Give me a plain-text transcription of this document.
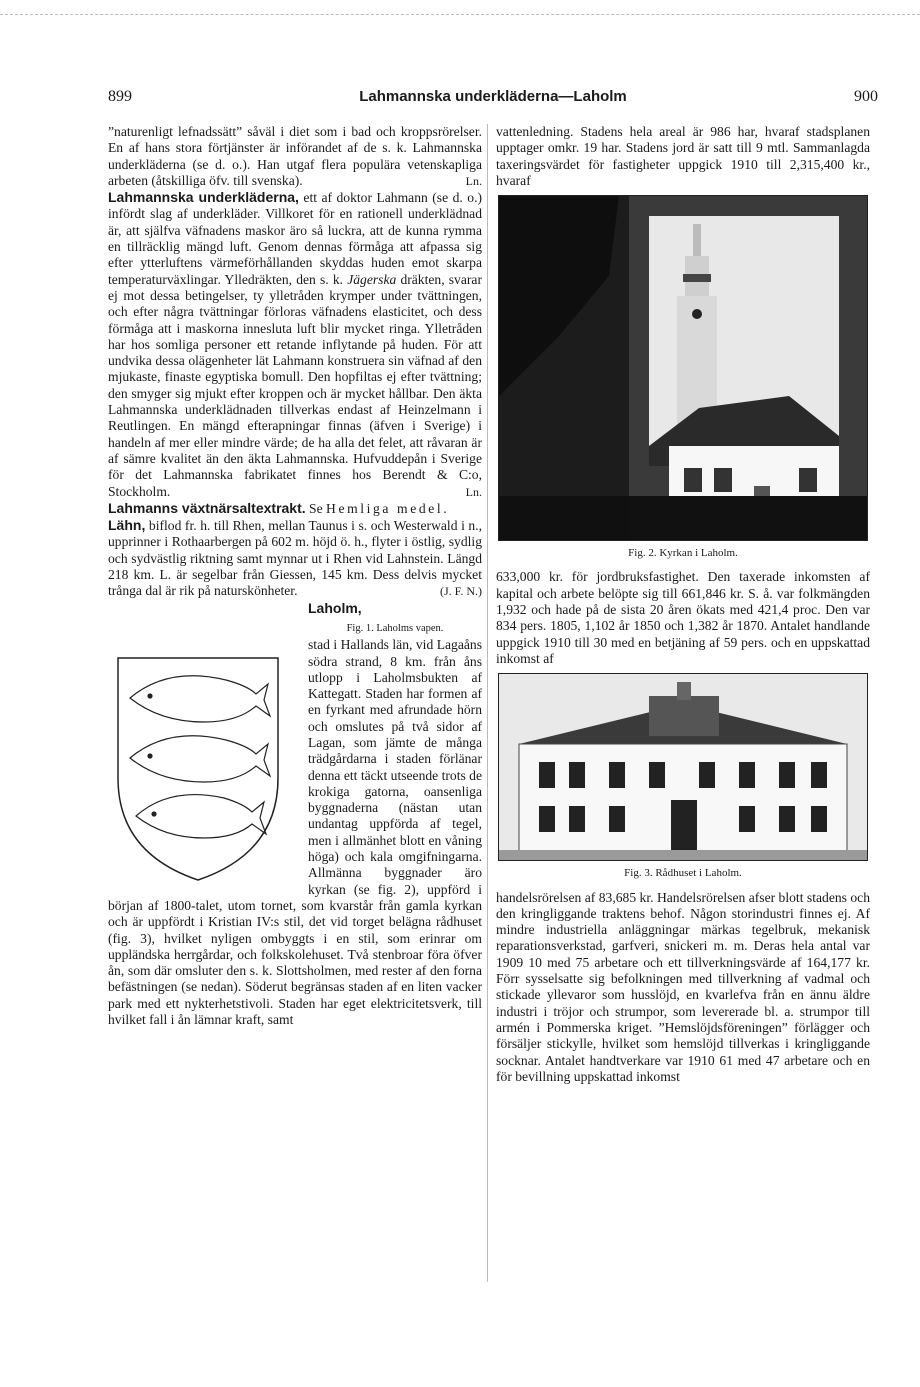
899	Lahmannska underkläderna—Laholm	900

”naturenligt lefnadssätt” såväl i diet som i bad och kroppsrörelser. En af hans stora förtjänster är införandet af de s. k. Lahmannska underkläderna (se d. o.). Han utgaf flera populära vetenskapliga arbeten (åtskilliga öfv. till svenska).	Ln.

Lahmannska underkläderna, ett af doktor Lahmann (se d. o.) infördt slag af underkläder. Villkoret för en rationell underklädnad är, att själfva väfnadens maskor äro så luckra, att de kunna rymma en tillräcklig mängd luft. Genom dennas förmåga att afpassa sig efter ytterluftens värmeförhållanden skyddas huden emot skarpa temperaturväxlingar. Ylledräkten, den s. k. Jägerska dräkten, svarar ej mot dessa betingelser, ty ylletråden krymper under tvättningen, och efter några tvättningar förloras väfnadens elasticitet, och dess förmåga att i maskorna innesluta luft blir mycket ringa. Ylletråden har hos somliga personer ett retande inflytande på huden. För att undvika dessa olägenheter lät Lahmann konstruera sin väfnad af den mjukaste, finaste egyptiska bomull. Den hopfiltas ej efter tvättning; den smyger sig mjukt efter kroppen och är mycket hållbar. Den äkta Lahmannska underklädnaden tillverkas endast af Heinzelmann i Reutlingen. En mängd efterapningar finnas (äfven i Sverige) i handeln af mer eller mindre värde; de ha alla det felet, att råvaran är af sämre kvalitet än den äkta Lahmannska. Hufvuddepån i Sverige för det Lahmannska fabrikatet finnes hos Berendt & C:o, Stockholm.	Ln.

Lahmanns växtnärsaltextrakt. Se Hemliga medel.

Lähn, biflod fr. h. till Rhen, mellan Taunus i s. och Westerwald i n., upprinner i Rothaarbergen på 602 m. höjd ö. h., flyter i östlig, sydlig och sydvästlig riktning samt mynnar ut i Rhen vid Lahnstein. Längd 218 km. L. är segelbar från Giessen, 145 km. Dess delvis mycket trånga dal är rik på naturskönheter.	(J. F. N.)

Laholm,

Fig. 1. Laholms vapen.
stad i Hallands län, vid Lagaåns södra strand, 8 km. från åns utlopp i Laholmsbukten af Kattegatt. Staden har formen af en fyrkant med afrundade hörn och omslutes på två sidor af Lagan, som jämte de många trädgårdarna i staden förlänar denna ett täckt utseende trots de krokiga gatorna, oansenliga byggnaderna (nästan utan undantag uppförda af tegel, men i allmänhet blott en våning höga) och kala omgifningarna. Allmänna byggnader äro kyrkan (se fig. 2), uppförd i början af 1800-talet, utom tornet, som kvarstår från gamla kyrkan och är uppfördt i Kristian IV:s stil, det vid torget belägna rådhuset (fig. 3), hvilket nyligen ombyggts i en stil, som erinrar om uppländska herrgårdar, och folkskolehuset. Två stenbroar föra öfver ån, som där omsluter den s. k. Slottsholmen, med rester af den forna befästningen (se nedan). Söderut begränsas staden af en liten vacker park med ett nykterhetstivoli. Staden har eget elektricitetsverk, till hvilket fall i ån lämnar kraft, samt

vattenledning. Stadens hela areal är 986 har, hvaraf stadsplanen upptager omkr. 19 har. Stadens jord är satt till 9 mtl. Sammanlagda taxeringsvärdet för fastigheter uppgick 1910 till 2,315,400 kr., hvaraf

Fig. 2. Kyrkan i Laholm.

633,000 kr. för jordbruksfastighet. Den taxerade inkomsten af kapital och arbete belöpte sig till 661,846 kr. S. å. var folkmängden 1,932 och hade på de sista 20 åren ökats med 421,4 proc. Den var 834 pers. 1805, 1,102 år 1850 och 1,382 år 1870. Antalet handlande uppgick 1910 till 30 med en betjäning af 59 pers. och en uppskattad inkomst af

Fig. 3. Rådhuset i Laholm.

handelsrörelsen af 83,685 kr. Handelsrörelsen afser blott stadens och den kringliggande traktens behof. Någon storindustri finnes ej. Af mindre industriella anläggningar märkas tegelbruk, mekanisk reparationsverkstad, garfveri, snickeri m. m. Deras hela antal var 1909 10 med 75 arbetare och ett tillverkningsvärde af 164,177 kr. Förr sysselsatte sig befolkningen med tillverkning af vadmal och stickade yllevaror som husslöjd, en kvarlefva från en ännu äldre industri i tröjor och strumpor, som levererade bl. a. strumpor till armén i Pommerska kriget. ”Hemslöjdsföreningen” förlägger och försäljer stickylle, hvilket som hemslöjd tillverkas i kringliggande socknar. Antalet handtverkare var 1910 61 med 47 arbetare och en för bevillning uppskattad inkomst
